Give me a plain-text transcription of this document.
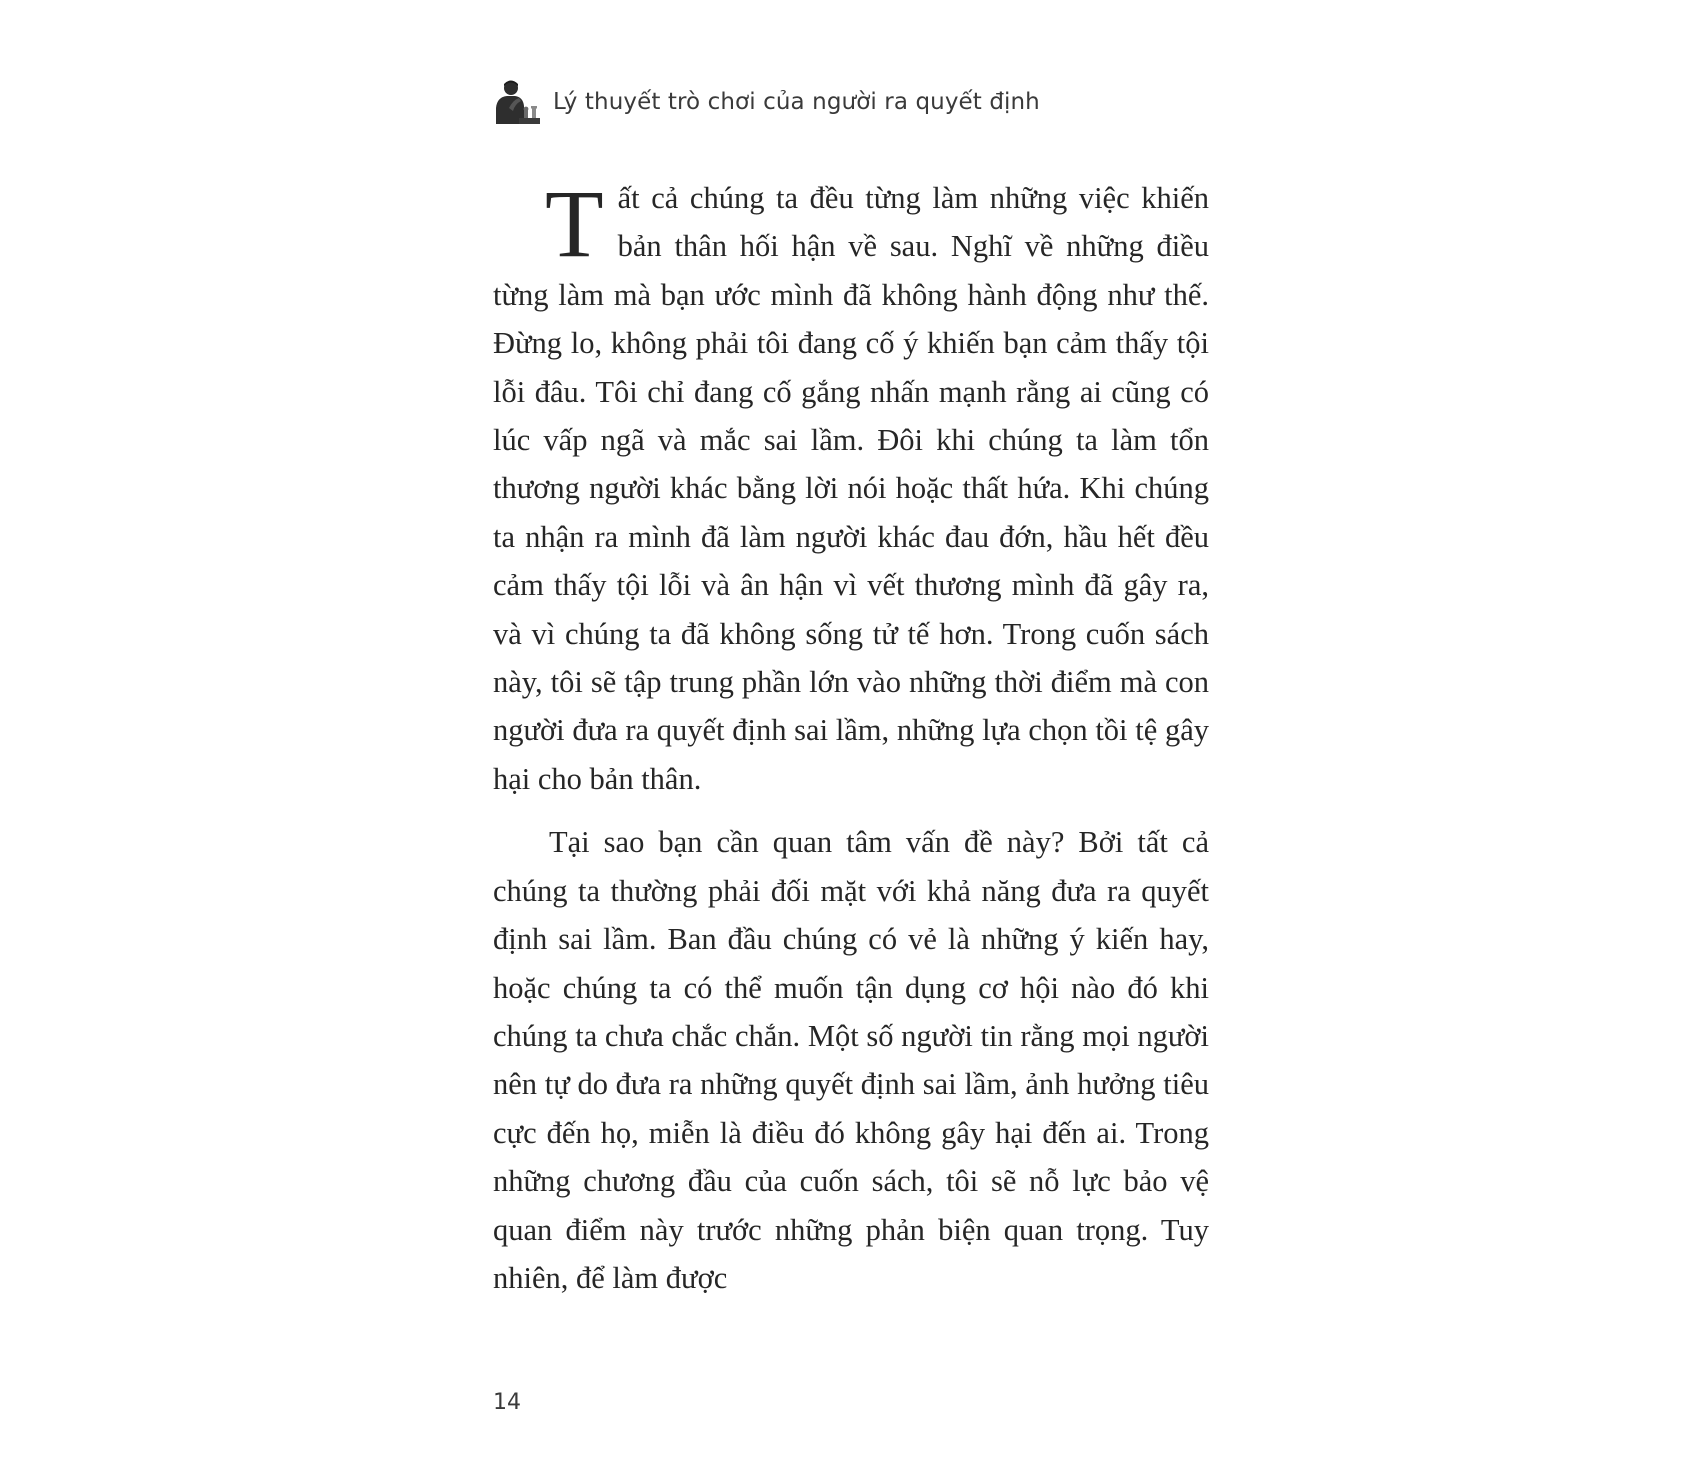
Lý thuyết trò chơi của người ra quyết định

Tất cả chúng ta đều từng làm những việc khiến bản thân hối hận về sau. Nghĩ về những điều từng làm mà bạn ước mình đã không hành động như thế. Đừng lo, không phải tôi đang cố ý khiến bạn cảm thấy tội lỗi đâu. Tôi chỉ đang cố gắng nhấn mạnh rằng ai cũng có lúc vấp ngã và mắc sai lầm. Đôi khi chúng ta làm tổn thương người khác bằng lời nói hoặc thất hứa. Khi chúng ta nhận ra mình đã làm người khác đau đớn, hầu hết đều cảm thấy tội lỗi và ân hận vì vết thương mình đã gây ra, và vì chúng ta đã không sống tử tế hơn. Trong cuốn sách này, tôi sẽ tập trung phần lớn vào những thời điểm mà con người đưa ra quyết định sai lầm, những lựa chọn tồi tệ gây hại cho bản thân.

Tại sao bạn cần quan tâm vấn đề này? Bởi tất cả chúng ta thường phải đối mặt với khả năng đưa ra quyết định sai lầm. Ban đầu chúng có vẻ là những ý kiến hay, hoặc chúng ta có thể muốn tận dụng cơ hội nào đó khi chúng ta chưa chắc chắn. Một số người tin rằng mọi người nên tự do đưa ra những quyết định sai lầm, ảnh hưởng tiêu cực đến họ, miễn là điều đó không gây hại đến ai. Trong những chương đầu của cuốn sách, tôi sẽ nỗ lực bảo vệ quan điểm này trước những phản biện quan trọng. Tuy nhiên, để làm được

14
